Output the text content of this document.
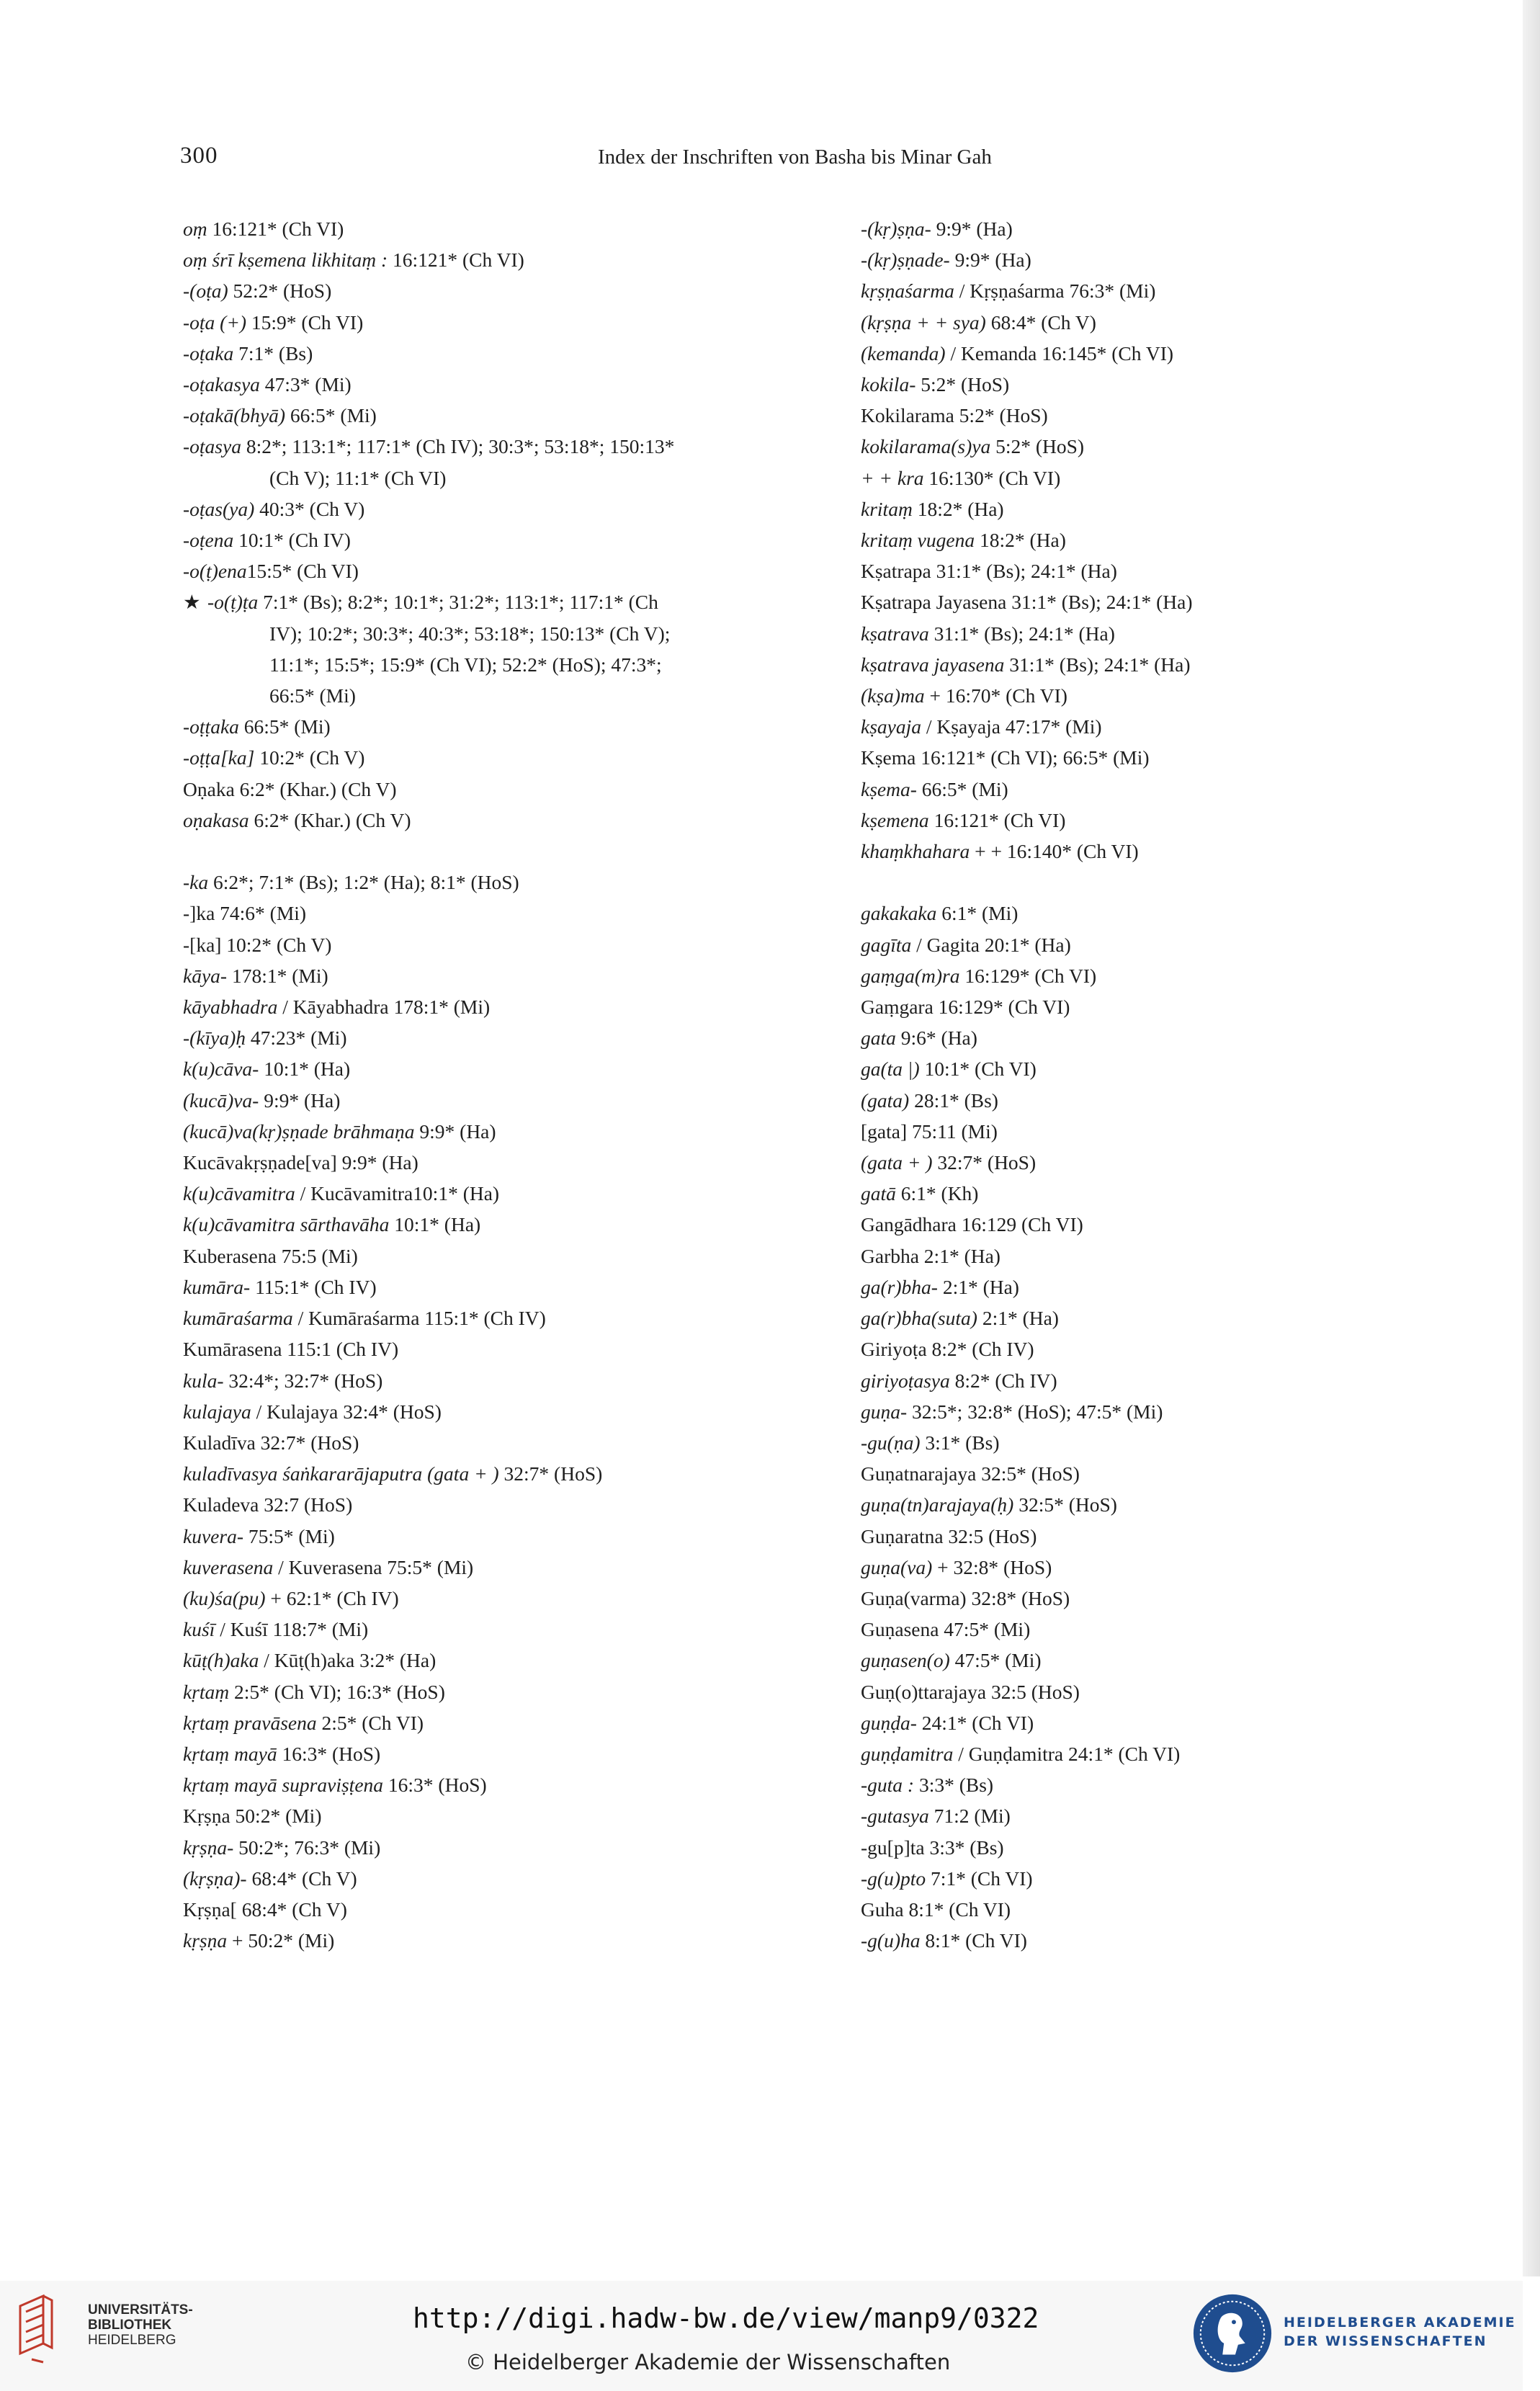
300	Index der Inschriften von Basha bis Minar Gah
oṃ 16:121* (Ch VI)
oṃ śrī kṣemena likhitaṃ : 16:121* (Ch VI)
-(oṭa) 52:2* (HoS)
-oṭa (+) 15:9* (Ch VI)
-oṭaka 7:1* (Bs)
-oṭakasya 47:3* (Mi)
-oṭakā(bhyā) 66:5* (Mi)
-oṭasya 8:2*; 113:1*; 117:1* (Ch IV); 30:3*; 53:18*; 150:13*
(Ch V); 11:1* (Ch VI)
-oṭas(ya) 40:3* (Ch V)
-oṭena 10:1* (Ch IV)
-o(ṭ)ena15:5* (Ch VI)
★ -o(ṭ)ṭa 7:1* (Bs); 8:2*; 10:1*; 31:2*; 113:1*; 117:1* (Ch
IV); 10:2*; 30:3*; 40:3*; 53:18*; 150:13* (Ch V);
11:1*; 15:5*; 15:9* (Ch VI); 52:2* (HoS); 47:3*;
66:5* (Mi)
-oṭṭaka 66:5* (Mi)
-oṭṭa[ka] 10:2* (Ch V)
Oṇaka 6:2* (Khar.) (Ch V)
oṇakasa 6:2* (Khar.) (Ch V)
-ka 6:2*; 7:1* (Bs); 1:2* (Ha); 8:1* (HoS)
-]ka 74:6* (Mi)
-[ka] 10:2* (Ch V)
kāya- 178:1* (Mi)
kāyabhadra / Kāyabhadra 178:1* (Mi)
-(kīya)ḥ 47:23* (Mi)
k(u)cāva- 10:1* (Ha)
(kucā)va- 9:9* (Ha)
(kucā)va(kṛ)ṣṇade brāhmaṇa 9:9* (Ha)
Kucāvakṛṣṇade[va] 9:9* (Ha)
k(u)cāvamitra / Kucāvamitra10:1* (Ha)
k(u)cāvamitra sārthavāha 10:1* (Ha)
Kuberasena 75:5 (Mi)
kumāra- 115:1* (Ch IV)
kumāraśarma / Kumāraśarma 115:1* (Ch IV)
Kumārasena 115:1 (Ch IV)
kula- 32:4*; 32:7* (HoS)
kulajaya / Kulajaya 32:4* (HoS)
Kuladīva 32:7* (HoS)
kuladīvasya śaṅkararājaputra (gata + ) 32:7* (HoS)
Kuladeva 32:7 (HoS)
kuvera- 75:5* (Mi)
kuverasena / Kuverasena 75:5* (Mi)
(ku)śa(pu) + 62:1* (Ch IV)
kuśī / Kuśī 118:7* (Mi)
kūṭ(h)aka / Kūṭ(h)aka 3:2* (Ha)
kṛtaṃ 2:5* (Ch VI); 16:3* (HoS)
kṛtaṃ pravāsena 2:5* (Ch VI)
kṛtaṃ mayā 16:3* (HoS)
kṛtaṃ mayā supraviṣṭena 16:3* (HoS)
Kṛṣṇa 50:2* (Mi)
kṛṣṇa- 50:2*; 76:3* (Mi)
(kṛṣṇa)- 68:4* (Ch V)
Kṛṣṇa[ 68:4* (Ch V)
kṛṣṇa + 50:2* (Mi)
-(kṛ)ṣṇa- 9:9* (Ha)
-(kṛ)ṣṇade- 9:9* (Ha)
kṛṣṇaśarma / Kṛṣṇaśarma 76:3* (Mi)
(kṛṣṇa + + sya) 68:4* (Ch V)
(kemanda) / Kemanda 16:145* (Ch VI)
kokila- 5:2* (HoS)
Kokilarama 5:2* (HoS)
kokilarama(s)ya 5:2* (HoS)
+ + kra 16:130* (Ch VI)
kritaṃ 18:2* (Ha)
kritaṃ vugena 18:2* (Ha)
Kṣatrapa 31:1* (Bs); 24:1* (Ha)
Kṣatrapa Jayasena 31:1* (Bs); 24:1* (Ha)
kṣatrava 31:1* (Bs); 24:1* (Ha)
kṣatrava jayasena 31:1* (Bs); 24:1* (Ha)
(kṣa)ma + 16:70* (Ch VI)
kṣayaja / Kṣayaja 47:17* (Mi)
Kṣema 16:121* (Ch VI); 66:5* (Mi)
kṣema- 66:5* (Mi)
kṣemena 16:121* (Ch VI)
khaṃkhahara + + 16:140* (Ch VI)
gakakaka 6:1* (Mi)
gagīta / Gagita 20:1* (Ha)
gaṃga(m)ra 16:129* (Ch VI)
Gaṃgara 16:129* (Ch VI)
gata 9:6* (Ha)
ga(ta |) 10:1* (Ch VI)
(gata) 28:1* (Bs)
[gata] 75:11 (Mi)
(gata + ) 32:7* (HoS)
gatā 6:1* (Kh)
Gangādhara 16:129 (Ch VI)
Garbha 2:1* (Ha)
ga(r)bha- 2:1* (Ha)
ga(r)bha(suta) 2:1* (Ha)
Giriyoṭa 8:2* (Ch IV)
giriyoṭasya 8:2* (Ch IV)
guṇa- 32:5*; 32:8* (HoS); 47:5* (Mi)
-gu(ṇa) 3:1* (Bs)
Guṇatnarajaya 32:5* (HoS)
guṇa(tn)arajaya(ḥ) 32:5* (HoS)
Guṇaratna 32:5 (HoS)
guṇa(va) + 32:8* (HoS)
Guṇa(varma) 32:8* (HoS)
Guṇasena 47:5* (Mi)
guṇasen(o) 47:5* (Mi)
Guṇ(o)ttarajaya 32:5 (HoS)
guṇḍa- 24:1* (Ch VI)
guṇḍamitra / Guṇḍamitra 24:1* (Ch VI)
-guta : 3:3* (Bs)
-gutasya 71:2 (Mi)
-gu[p]ta 3:3* (Bs)
-g(u)pto 7:1* (Ch VI)
Guha 8:1* (Ch VI)
-g(u)ha 8:1* (Ch VI)
UNIVERSITÄTS-
BIBLIOTHEK
HEIDELBERG
http://digi.hadw-bw.de/view/manp9/0322
© Heidelberger Akademie der Wissenschaften
HEIDELBERGER AKADEMIE
DER WISSENSCHAFTEN
